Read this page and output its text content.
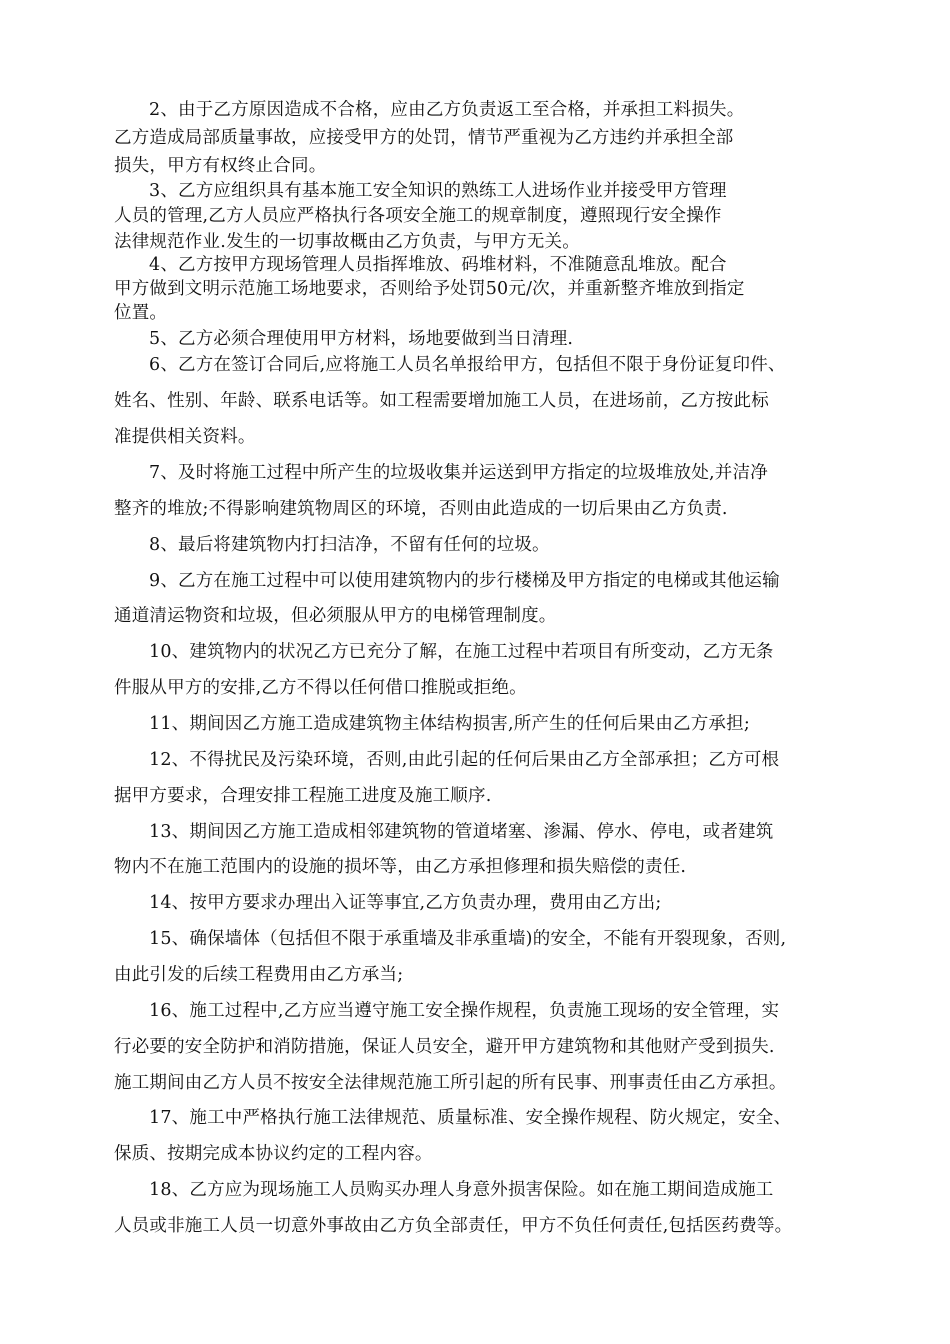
2、由于乙方原因造成不合格，应由乙方负责返工至合格，并承担工料损失。
乙方造成局部质量事故，应接受甲方的处罚，情节严重视为乙方违约并承担全部
损失，甲方有权终止合同。
3、乙方应组织具有基本施工安全知识的熟练工人进场作业并接受甲方管理
人员的管理,乙方人员应严格执行各项安全施工的规章制度，遵照现行安全操作
法律规范作业.发生的一切事故概由乙方负责，与甲方无关。
4、乙方按甲方现场管理人员指挥堆放、码堆材料，不准随意乱堆放。配合
甲方做到文明示范施工场地要求，否则给予处罚50元/次，并重新整齐堆放到指定
位置。
5、乙方必须合理使用甲方材料，场地要做到当日清理.
6、乙方在签订合同后,应将施工人员名单报给甲方，包括但不限于身份证复印件、
姓名、性别、年龄、联系电话等。如工程需要增加施工人员，在进场前，乙方按此标
准提供相关资料。
7、及时将施工过程中所产生的垃圾收集并运送到甲方指定的垃圾堆放处,并洁净
整齐的堆放;不得影响建筑物周区的环境，否则由此造成的一切后果由乙方负责.
8、最后将建筑物内打扫洁净，不留有任何的垃圾。
9、乙方在施工过程中可以使用建筑物内的步行楼梯及甲方指定的电梯或其他运输
通道清运物资和垃圾，但必须服从甲方的电梯管理制度。
10、建筑物内的状况乙方已充分了解，在施工过程中若项目有所变动，乙方无条
件服从甲方的安排,乙方不得以任何借口推脱或拒绝。
11、期间因乙方施工造成建筑物主体结构损害,所产生的任何后果由乙方承担;
12、不得扰民及污染环境，否则,由此引起的任何后果由乙方全部承担；乙方可根
据甲方要求，合理安排工程施工进度及施工顺序.
13、期间因乙方施工造成相邻建筑物的管道堵塞、渗漏、停水、停电，或者建筑
物内不在施工范围内的设施的损坏等，由乙方承担修理和损失赔偿的责任.
14、按甲方要求办理出入证等事宜,乙方负责办理，费用由乙方出;
15、确保墙体（包括但不限于承重墙及非承重墙)的安全，不能有开裂现象，否则,
由此引发的后续工程费用由乙方承当;
16、施工过程中,乙方应当遵守施工安全操作规程，负责施工现场的安全管理，实
行必要的安全防护和消防措施，保证人员安全，避开甲方建筑物和其他财产受到损失.
施工期间由乙方人员不按安全法律规范施工所引起的所有民事、刑事责任由乙方承担。
17、施工中严格执行施工法律规范、质量标准、安全操作规程、防火规定，安全、
保质、按期完成本协议约定的工程内容。
18、乙方应为现场施工人员购买办理人身意外损害保险。如在施工期间造成施工
人员或非施工人员一切意外事故由乙方负全部责任，甲方不负任何责任,包括医药费等。
